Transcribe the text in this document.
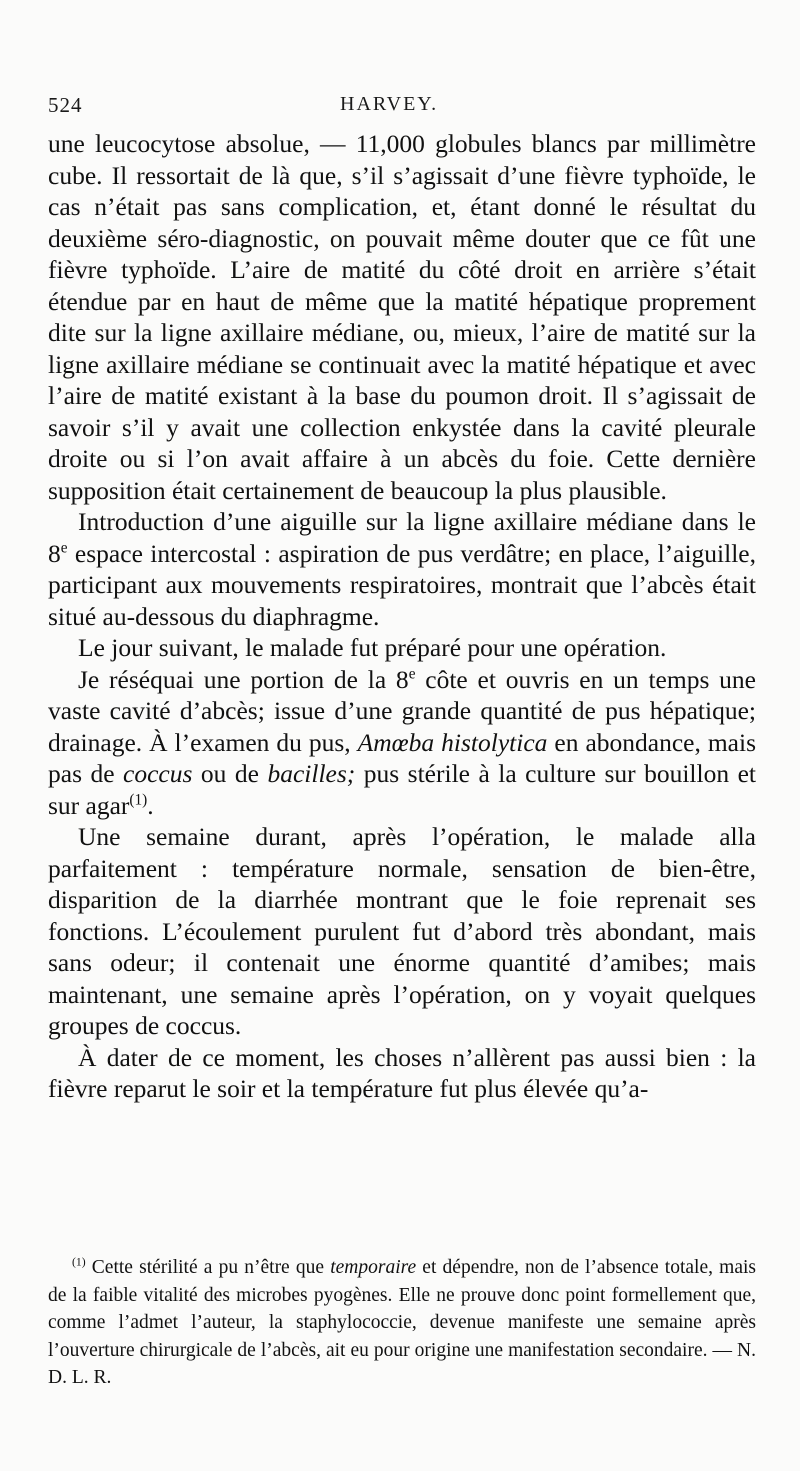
524	HARVEY.

une leucocytose absolue, — 11,000 globules blancs par millimètre cube. Il ressortait de là que, s’il s’agissait d’une fièvre typhoïde, le cas n’était pas sans complication, et, étant donné le résultat du deuxième séro-diagnostic, on pouvait même douter que ce fût une fièvre typhoïde. L’aire de matité du côté droit en arrière s’était étendue par en haut de même que la matité hépatique proprement dite sur la ligne axillaire médiane, ou, mieux, l’aire de matité sur la ligne axillaire médiane se continuait avec la matité hépatique et avec l’aire de matité existant à la base du poumon droit. Il s’agissait de savoir s’il y avait une collection enkystée dans la cavité pleurale droite ou si l’on avait affaire à un abcès du foie. Cette dernière supposition était certainement de beaucoup la plus plausible.

Introduction d’une aiguille sur la ligne axillaire médiane dans le 8e espace intercostal : aspiration de pus verdâtre; en place, l’aiguille, participant aux mouvements respiratoires, montrait que l’abcès était situé au-dessous du diaphragme.

Le jour suivant, le malade fut préparé pour une opération.

Je réséquai une portion de la 8e côte et ouvris en un temps une vaste cavité d’abcès; issue d’une grande quantité de pus hépatique; drainage. À l’examen du pus, Amœba histolytica en abondance, mais pas de coccus ou de bacilles; pus stérile à la culture sur bouillon et sur agar$^{(1)}$.

Une semaine durant, après l’opération, le malade alla parfaitement : température normale, sensation de bien-être, disparition de la diarrhée montrant que le foie reprenait ses fonctions. L’écoulement purulent fut d’abord très abondant, mais sans odeur; il contenait une énorme quantité d’amibes; mais maintenant, une semaine après l’opération, on y voyait quelques groupes de coccus.

À dater de ce moment, les choses n’allèrent pas aussi bien : la fièvre reparut le soir et la température fut plus élevée qu’a-

$^{(1)}$ Cette stérilité a pu n’être que temporaire et dépendre, non de l’absence totale, mais de la faible vitalité des microbes pyogènes. Elle ne prouve donc point formellement que, comme l’admet l’auteur, la staphylococcie, devenue manifeste une semaine après l’ouverture chirurgicale de l’abcès, ait eu pour origine une manifestation secondaire. — N. D. L. R.
